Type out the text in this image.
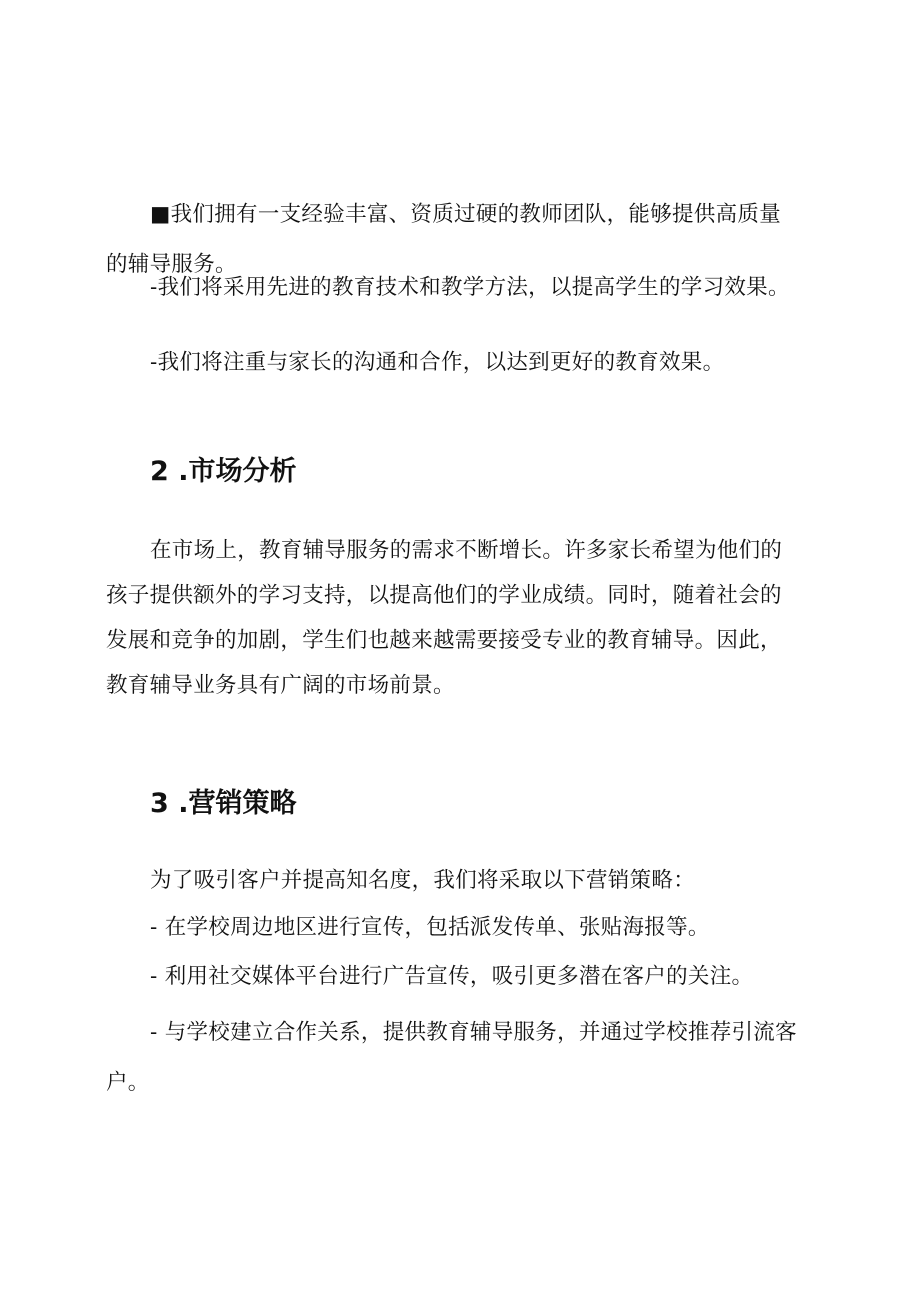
■我们拥有一支经验丰富、资质过硬的教师团队，能够提供高质量的辅导服务。

-我们将采用先进的教育技术和教学方法，以提高学生的学习效果。

-我们将注重与家长的沟通和合作，以达到更好的教育效果。

2 .市场分析

在市场上，教育辅导服务的需求不断增长。许多家长希望为他们的孩子提供额外的学习支持，以提高他们的学业成绩。同时，随着社会的发展和竞争的加剧，学生们也越来越需要接受专业的教育辅导。因此，教育辅导业务具有广阔的市场前景。

3 .营销策略

为了吸引客户并提高知名度，我们将采取以下营销策略：

- 在学校周边地区进行宣传，包括派发传单、张贴海报等。

- 利用社交媒体平台进行广告宣传，吸引更多潜在客户的关注。

- 与学校建立合作关系，提供教育辅导服务，并通过学校推荐引流客户。
